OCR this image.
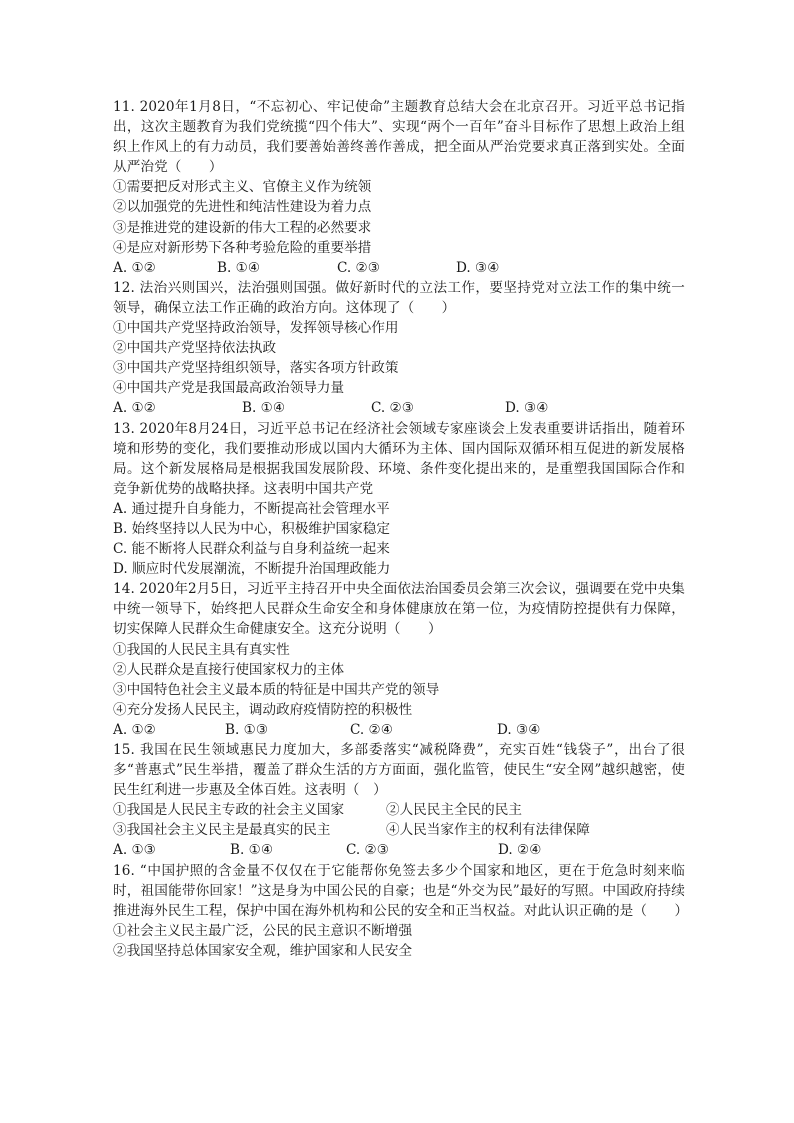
11. 2020年1月8日，“不忘初心、牢记使命”主题教育总结大会在北京召开。习近平总书记指出，这次主题教育为我们党统揽“四个伟大”、实现“两个一百年”奋斗目标作了思想上政治上组织上作风上的有力动员，我们要善始善终善作善成，把全面从严治党要求真正落到实处。全面从严治党（　　）

①需要把反对形式主义、官僚主义作为统领

②以加强党的先进性和纯洁性建设为着力点

③是推进党的建设新的伟大工程的必然要求

④是应对新形势下各种考验危险的重要举措

A. ①②	B. ①④	C. ②③	D. ③④

12. 法治兴则国兴，法治强则国强。做好新时代的立法工作，要坚持党对立法工作的集中统一领导，确保立法工作正确的政治方向。这体现了（　　）

①中国共产党坚持政治领导，发挥领导核心作用

②中国共产党坚持依法执政

③中国共产党坚持组织领导，落实各项方针政策

④中国共产党是我国最高政治领导力量

A. ①②	B. ①④	C. ②③	D. ③④

13. 2020年8月24日，习近平总书记在经济社会领域专家座谈会上发表重要讲话指出，随着环境和形势的变化，我们要推动形成以国内大循环为主体、国内国际双循环相互促进的新发展格局。这个新发展格局是根据我国发展阶段、环境、条件变化提出来的，是重塑我国国际合作和竞争新优势的战略抉择。这表明中国共产党

A. 通过提升自身能力，不断提高社会管理水平

B. 始终坚持以人民为中心，积极维护国家稳定

C. 能不断将人民群众利益与自身利益统一起来

D. 顺应时代发展潮流，不断提升治国理政能力

14. 2020年2月5日，习近平主持召开中央全面依法治国委员会第三次会议，强调要在党中央集中统一领导下，始终把人民群众生命安全和身体健康放在第一位，为疫情防控提供有力保障，切实保障人民群众生命健康安全。这充分说明（　　）

①我国的人民民主具有真实性

②人民群众是直接行使国家权力的主体

③中国特色社会主义最本质的特征是中国共产党的领导

④充分发扬人民民主，调动政府疫情防控的积极性

A. ①②	B. ①③	C. ②④	D. ③④

15. 我国在民生领域惠民力度加大，多部委落实“减税降费”，充实百姓“钱袋子”，出台了很多“普惠式”民生举措，覆盖了群众生活的方方面面，强化监管，使民生“安全网”越织越密，使民生红利进一步惠及全体百姓。这表明（　）

①我国是人民民主专政的社会主义国家	②人民民主全民的民主
③我国社会主义民主是最真实的民主	④人民当家作主的权利有法律保障
A. ①③	B. ①④	C. ②③	D. ②④

16. “中国护照的含金量不仅仅在于它能帮你免签去多少个国家和地区，更在于危急时刻来临时，祖国能带你回家！”这是身为中国公民的自豪；也是“外交为民”最好的写照。中国政府持续推进海外民生工程，保护中国在海外机构和公民的安全和正当权益。对此认识正确的是（　　）

①社会主义民主最广泛，公民的民主意识不断增强

②我国坚持总体国家安全观，维护国家和人民安全
